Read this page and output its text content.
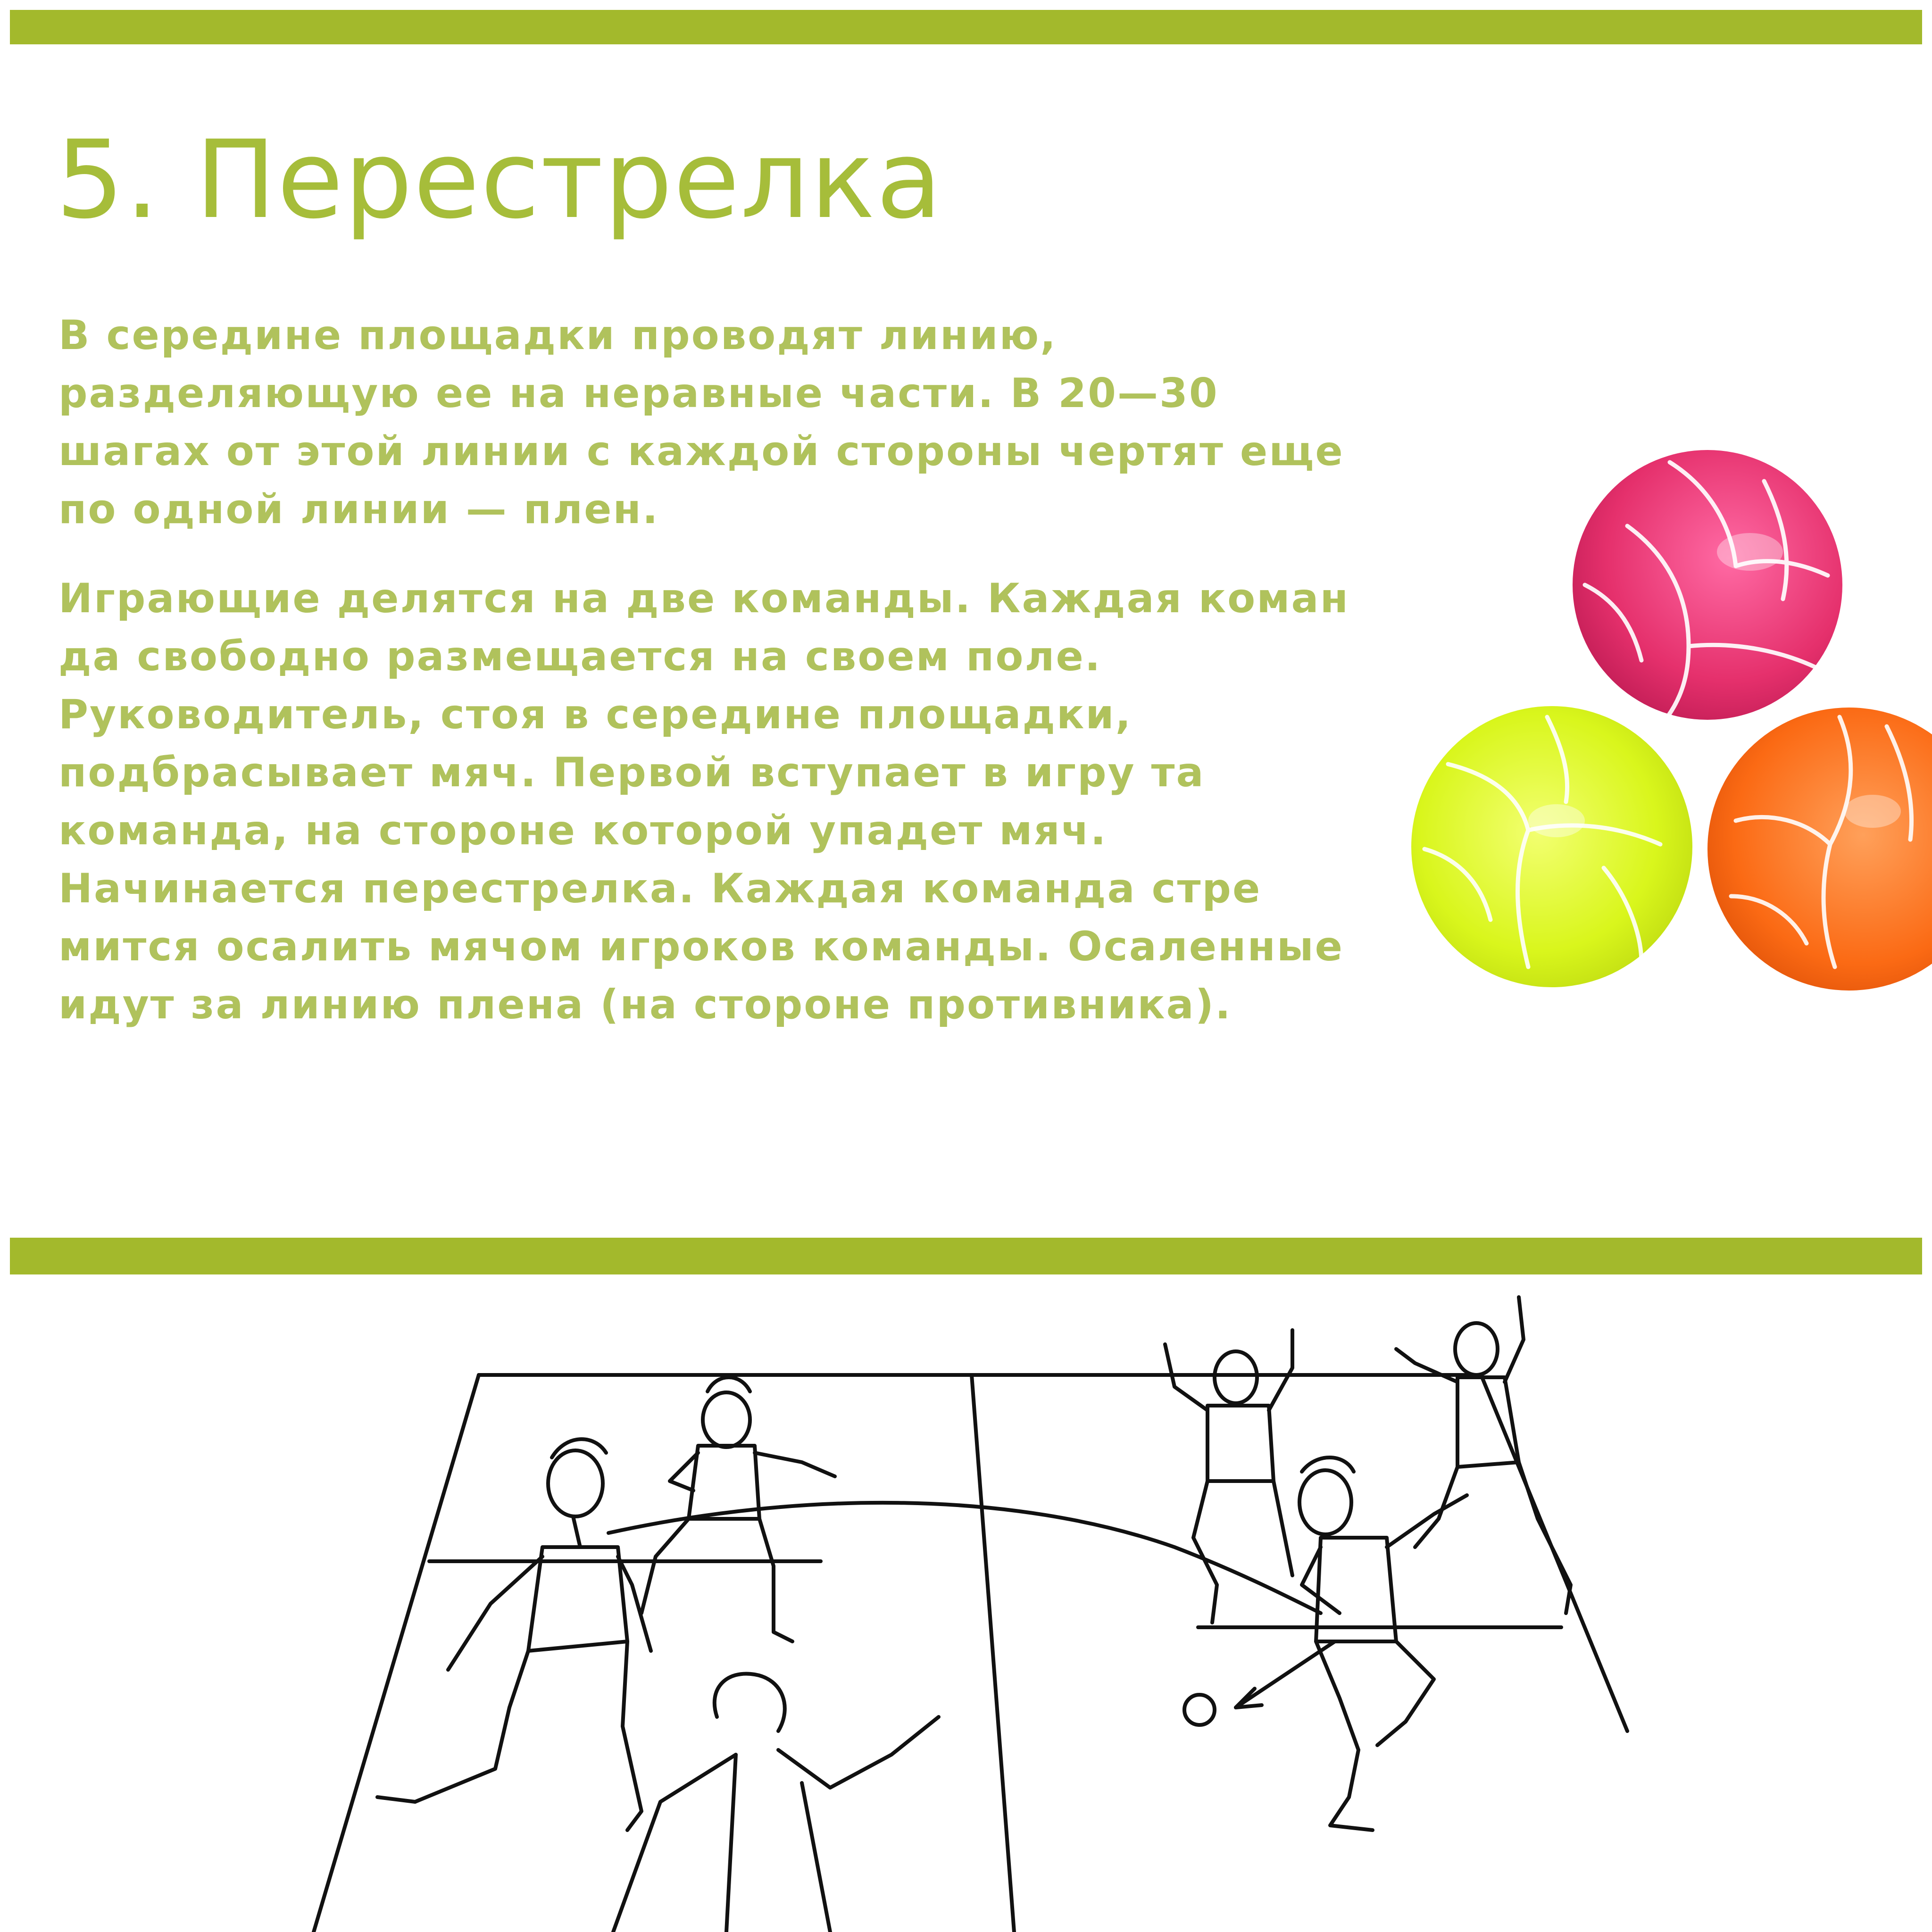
5. Перестрелка

В середине площадки проводят линию,
разделяющую ее на неравные части. В 20—30
шагах от этой линии с каждой стороны чертят еще
по одной линии — плен.

Играющие делятся на две команды. Каждая коман
да свободно размещается на своем поле.
Руководитель, стоя в середине площадки,
подбрасывает мяч. Первой вступает в игру та
команда, на стороне которой упадет мяч.
Начинается перестрелка. Каждая команда стре
мится осалить мячом игроков команды. Осаленные
идут за линию плена (на стороне противника).
